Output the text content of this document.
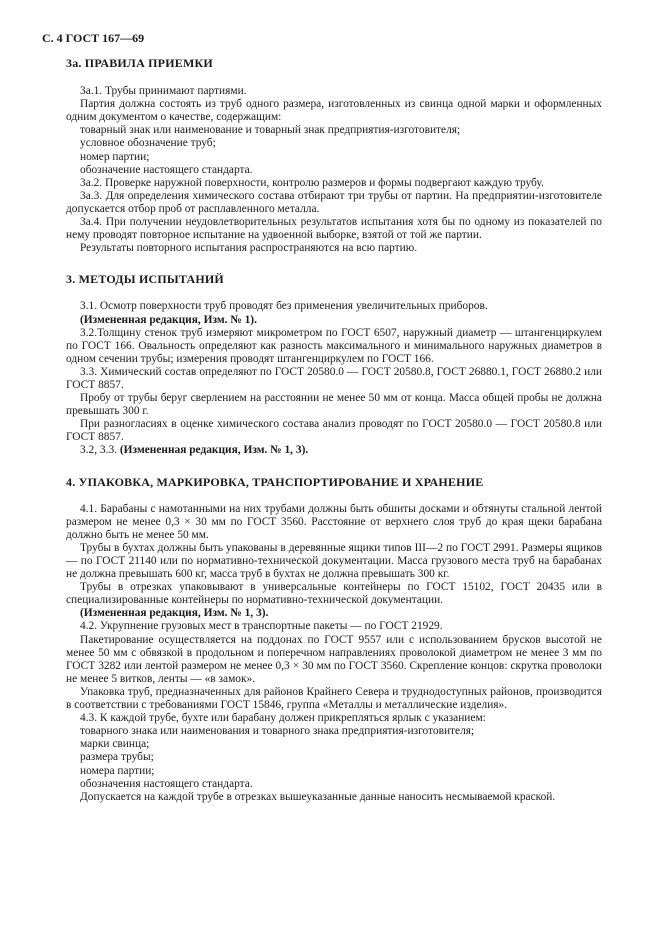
С. 4 ГОСТ 167—69

3а. ПРАВИЛА ПРИЕМКИ

3а.1. Трубы принимают партиями.

Партия должна состоять из труб одного размера, изготовленных из свинца одной марки и оформленных одним документом о качестве, содержащим:

товарный знак или наименование и товарный знак предприятия-изготовителя;

условное обозначение труб;

номер партии;

обозначение настоящего стандарта.

3а.2. Проверке наружной поверхности, контролю размеров и формы подвергают каждую трубу.

3а.3. Для определения химического состава отбирают три трубы от партии. На предприятии-изготовителе допускается отбор проб от расплавленного металла.

3а.4. При получении неудовлетворительных результатов испытания хотя бы по одному из показателей по нему проводят повторное испытание на удвоенной выборке, взятой от той же партии.

Результаты повторного испытания распространяются на всю партию.

3. МЕТОДЫ ИСПЫТАНИЙ

3.1. Осмотр поверхности труб проводят без применения увеличительных приборов.

(Измененная редакция, Изм. № 1).

3.2.Толщину стенок труб измеряют микрометром по ГОСТ 6507, наружный диаметр — штангенциркулем по ГОСТ 166. Овальность определяют как разность максимального и минимального наружных диаметров в одном сечении трубы; измерения проводят штангенциркулем по ГОСТ 166.

3.3. Химический состав определяют по ГОСТ 20580.0 — ГОСТ 20580.8, ГОСТ 26880.1, ГОСТ 26880.2 или ГОСТ 8857.

Пробу от трубы беруг сверлением на расстоянии не менее 50 мм от конца. Масса общей пробы не должна превышать 300 г.

При разногласиях в оценке химического состава анализ проводят по ГОСТ 20580.0 — ГОСТ 20580.8 или ГОСТ 8857.

3.2, 3.3. (Измененная редакция, Изм. № 1, 3).

4. УПАКОВКА, МАРКИРОВКА, ТРАНСПОРТИРОВАНИЕ И ХРАНЕНИЕ

4.1. Барабаны с намотанными на них трубами должны быть обшиты досками и обтянуты стальной лентой размером не менее 0,3 × 30 мм по ГОСТ 3560. Расстояние от верхнего слоя труб до края щеки барабана должно быть не менее 50 мм.

Трубы в бухтах должны быть упакованы в деревянные ящики типов III—2 по ГОСТ 2991. Размеры ящиков — по ГОСТ 21140 или по нормативно-технической документации. Масса грузового места труб на барабанах не должна превышать 600 кг, масса труб в бухтах не должна превышать 300 кг.

Трубы в отрезках упаковывают в универсальные контейнеры по ГОСТ 15102, ГОСТ 20435 или в специализированные контейнеры по нормативно-технической документации.

(Измененная редакция, Изм. № 1, 3).

4.2. Укрупнение грузовых мест в транспортные пакеты — по ГОСТ 21929.

Пакетирование осуществляется на поддонах по ГОСТ 9557 или с использованием брусков высотой не менее 50 мм с обвязкой в продольном и поперечном направлениях проволокой диаметром не менее 3 мм по ГОСТ 3282 или лентой размером не менее 0,3 × 30 мм по ГОСТ 3560. Скрепление концов: скрутка проволоки не менее 5 витков, ленты — «в замок».

Упаковка труб, предназначенных для районов Крайнего Севера и труднодоступных районов, производится в соответствии с требованиями ГОСТ 15846, группа «Металлы и металлические изделия».

4.3. К каждой трубе, бухте или барабану должен прикрепляться ярлык с указанием:

товарного знака или наименования и товарного знака предприятия-изготовителя;

марки свинца;

размера трубы;

номера партии;

обозначения настоящего стандарта.

Допускается на каждой трубе в отрезках вышеуказанные данные наносить несмываемой краской.
